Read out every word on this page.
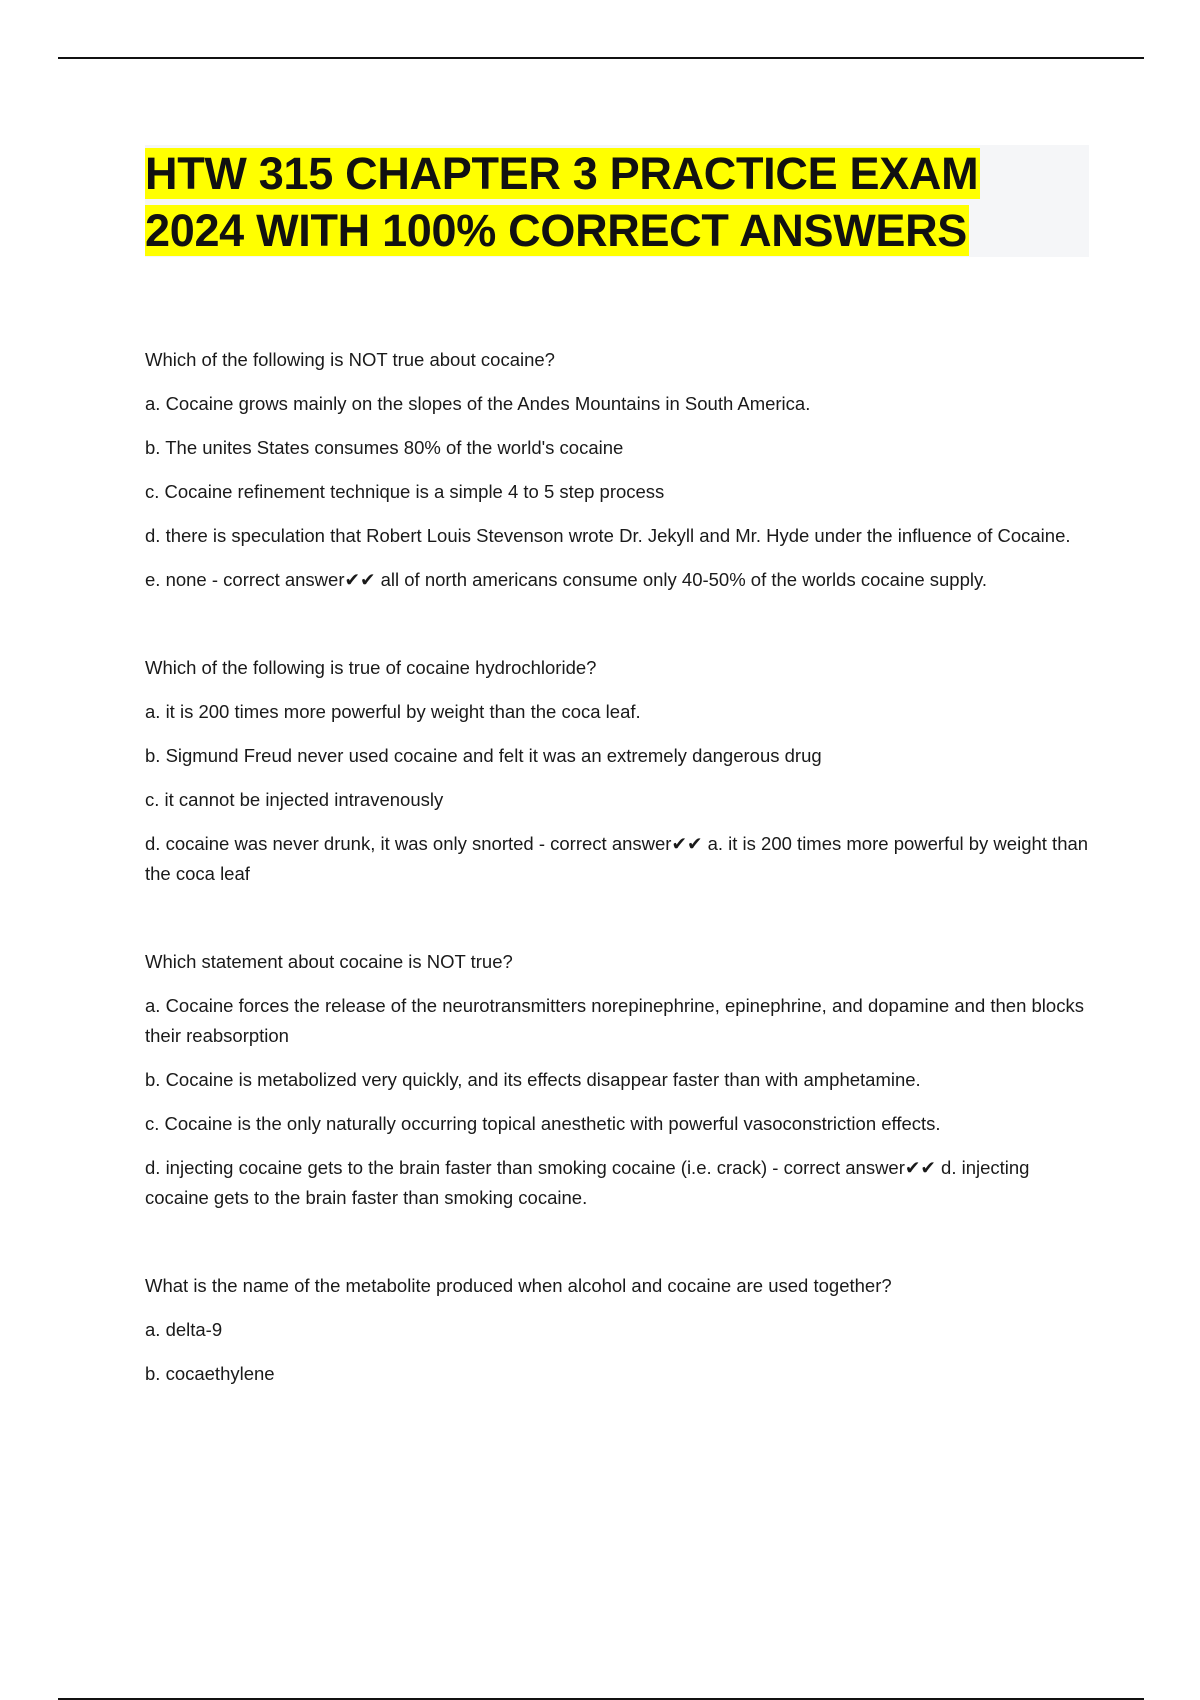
HTW 315 CHAPTER 3 PRACTICE EXAM
2024 WITH 100% CORRECT ANSWERS

Which of the following is NOT true about cocaine?

a. Cocaine grows mainly on the slopes of the Andes Mountains in South America.

b. The unites States consumes 80% of the world's cocaine

c. Cocaine refinement technique is a simple 4 to 5 step process

d. there is speculation that Robert Louis Stevenson wrote Dr. Jekyll and Mr. Hyde under the influence of Cocaine.

e. none - correct answer✔✔ all of north americans consume only 40-50% of the worlds cocaine supply.

Which of the following is true of cocaine hydrochloride?

a. it is 200 times more powerful by weight than the coca leaf.

b. Sigmund Freud never used cocaine and felt it was an extremely dangerous drug

c. it cannot be injected intravenously

d. cocaine was never drunk, it was only snorted - correct answer✔✔ a. it is 200 times more powerful by weight than the coca leaf

Which statement about cocaine is NOT true?

a. Cocaine forces the release of the neurotransmitters norepinephrine, epinephrine, and dopamine and then blocks their reabsorption

b. Cocaine is metabolized very quickly, and its effects disappear faster than with amphetamine.

c. Cocaine is the only naturally occurring topical anesthetic with powerful vasoconstriction effects.

d. injecting cocaine gets to the brain faster than smoking cocaine (i.e. crack) - correct answer✔✔ d. injecting cocaine gets to the brain faster than smoking cocaine.

What is the name of the metabolite produced when alcohol and cocaine are used together?

a. delta-9

b. cocaethylene
